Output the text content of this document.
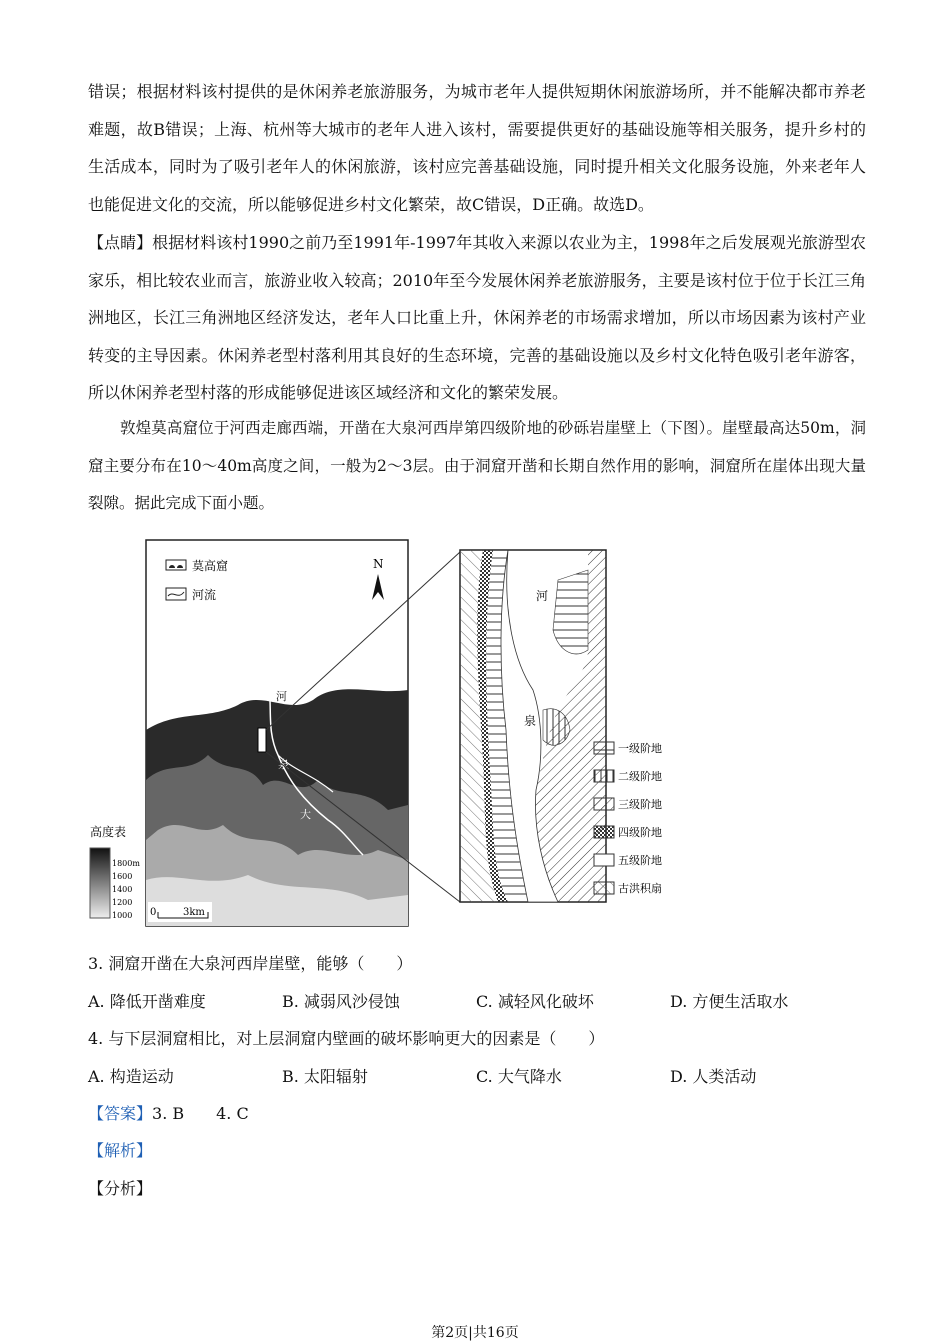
错误；根据材料该村提供的是休闲养老旅游服务，为城市老年人提供短期休闲旅游场所，并不能解决都市养老难题，故B错误；上海、杭州等大城市的老年人进入该村，需要提供更好的基础设施等相关服务，提升乡村的生活成本，同时为了吸引老年人的休闲旅游，该村应完善基础设施，同时提升相关文化服务设施，外来老年人也能促进文化的交流，所以能够促进乡村文化繁荣，故C错误，D正确。故选D。
【点睛】根据材料该村1990之前乃至1991年-1997年其收入来源以农业为主，1998年之后发展观光旅游型农家乐，相比较农业而言，旅游业收入较高；2010年至今发展休闲养老旅游服务，主要是该村位于位于长江三角洲地区，长江三角洲地区经济发达，老年人口比重上升，休闲养老的市场需求增加，所以市场因素为该村产业转变的主导因素。休闲养老型村落利用其良好的生态环境，完善的基础设施以及乡村文化特色吸引老年游客，所以休闲养老型村落的形成能够促进该区域经济和文化的繁荣发展。
敦煌莫高窟位于河西走廊西端，开凿在大泉河西岸第四级阶地的砂砾岩崖壁上（下图）。崖壁最高达50m，洞窟主要分布在10～40m高度之间，一般为2～3层。由于洞窟开凿和长期自然作用的影响，洞窟所在崖体出现大量裂隙。据此完成下面小题。
河
泉
大
莫高窟
河流
N
0	3km
高度表
1800m
1600
1400
1200
1000
河
泉
一级阶地
二级阶地
三级阶地
四级阶地
五级阶地
古洪积扇
3. 洞窟开凿在大泉河西岸崖壁，能够（　　）
A. 降低开凿难度	B. 减弱风沙侵蚀	C. 减轻风化破坏	D. 方便生活取水
4. 与下层洞窟相比，对上层洞窟内壁画的破坏影响更大的因素是（　　）
A. 构造运动	B. 太阳辐射	C. 大气降水	D. 人类活动
【答案】3. B　　4. C
【解析】
【分析】
第2页|共16页
